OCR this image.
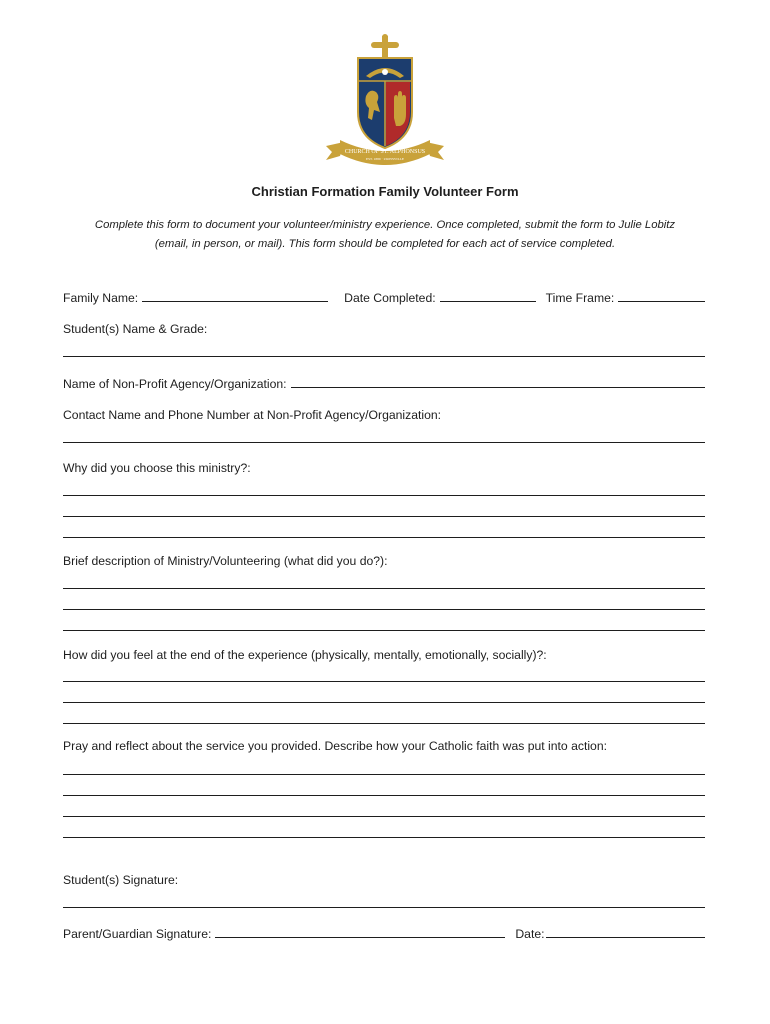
CHURCH OF ST. ALPHONSUS
EST. 1889 · ZIONSVILLE
Christian Formation Family Volunteer Form
Complete this form to document your volunteer/ministry experience. Once completed, submit the form to Julie Lobitz
(email, in person, or mail). This form should be completed for each act of service completed.
Family Name:	Date Completed:	Time Frame:
Student(s) Name & Grade:
Name of Non-Profit Agency/Organization:
Contact Name and Phone Number at Non-Profit Agency/Organization:
Why did you choose this ministry?:
Brief description of Ministry/Volunteering (what did you do?):
How did you feel at the end of the experience (physically, mentally, emotionally, socially)?:
Pray and reflect about the service you provided. Describe how your Catholic faith was put into action:
Student(s) Signature:
Parent/Guardian Signature:	Date:
